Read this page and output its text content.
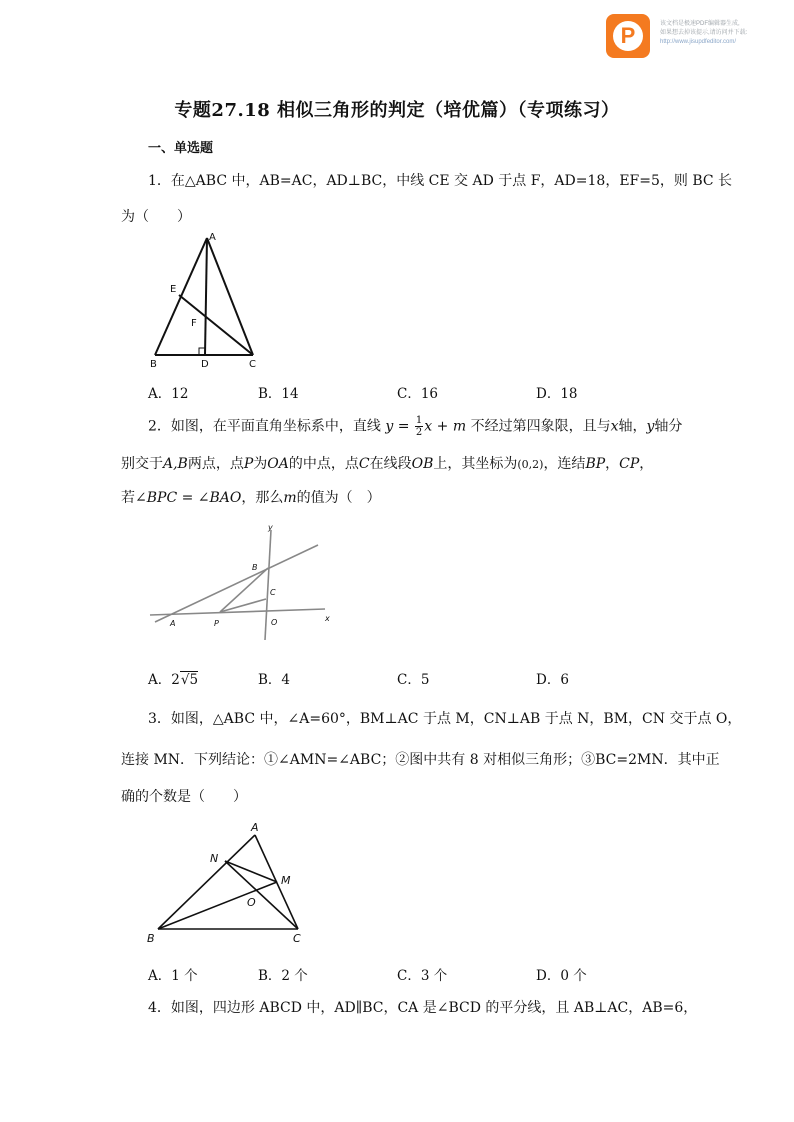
P	该文档是极速PDF编辑器生成,
如果想去掉该提示,请访问并下载:
http://www.jisupdfeditor.com/
专题27.18 相似三角形的判定（培优篇）（专项练习）
一、单选题
1．在△ABC 中，AB=AC，AD⊥BC，中线 CE 交 AD 于点 F，AD=18，EF=5，则 BC 长
为（　　）
A
E
F
B	D	C
A．12	B．14	C．16	D．18
2．如图，在平面直角坐标系中，直线 $y = \frac{1}{2}$ x + m 不经过第四象限，且与x轴，y轴分
别交于A,B两点，点P为OA的中点，点C在线段OB上，其坐标为(0,2)，连结BP，CP，
若∠BPC = ∠BAO，那么m的值为（　）
y
x
B
C
A	P	O
A．2√5	B．4	C．5	D．6
3．如图，△ABC 中，∠A=60°，BM⊥AC 于点 M，CN⊥AB 于点 N，BM，CN 交于点 O，
连接 MN．下列结论：①∠AMN=∠ABC；②图中共有 8 对相似三角形；③BC=2MN．其中正
确的个数是（　　）
A
N
M
O
B	C
A．1 个	B．2 个	C．3 个	D．0 个
4．如图，四边形 ABCD 中，AD∥BC，CA 是∠BCD 的平分线，且 AB⊥AC，AB=6，
